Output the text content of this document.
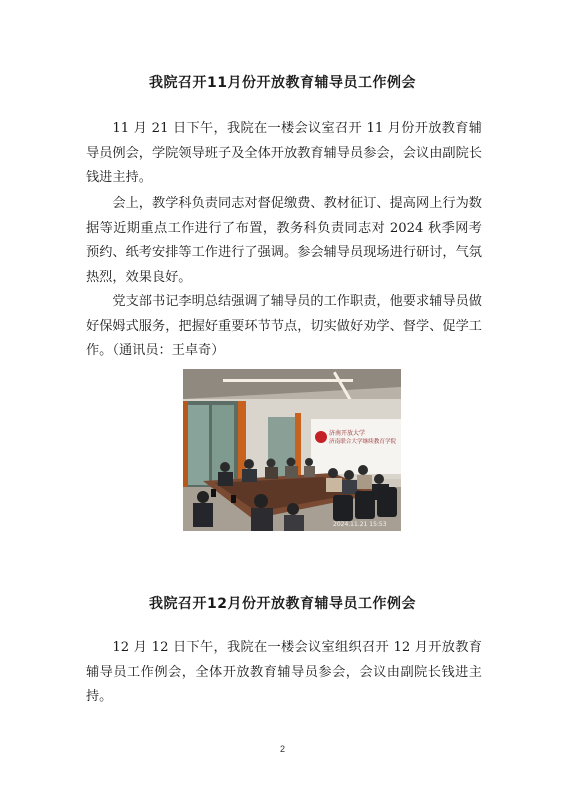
我院召开11月份开放教育辅导员工作例会
11 月 21 日下午，我院在一楼会议室召开 11 月份开放教育辅导员例会，学院领导班子及全体开放教育辅导员参会，会议由副院长钱进主持。
会上，教学科负责同志对督促缴费、教材征订、提高网上行为数据等近期重点工作进行了布置，教务科负责同志对 2024 秋季网考预约、纸考安排等工作进行了强调。参会辅导员现场进行研讨，气氛热烈，效果良好。
党支部书记李明总结强调了辅导员的工作职责，他要求辅导员做好保姆式服务，把握好重要环节节点，切实做好劝学、督学、促学工作。（通讯员：王卓奇）
济南开放大学
济南联合大学继续教育学院
2024.11.21 15:53
我院召开12月份开放教育辅导员工作例会
12 月 12 日下午，我院在一楼会议室组织召开 12 月开放教育辅导员工作例会，全体开放教育辅导员参会，会议由副院长钱进主持。
2
